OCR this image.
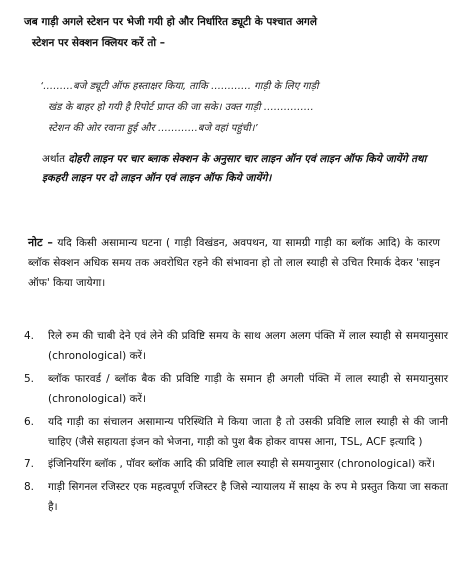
जब गाड़ी अगले स्टेशन पर भेजी गयी हो और निर्धारित ड्यूटी के पश्चात अगले
स्टेशन पर सेक्शन क्लियर करें तो –
‘………बजे ड्यूटी ऑफ हस्ताक्षर किया, ताकि ………… गाड़ी के लिए गाड़ी
खंड के बाहर हो गयी है रिपोर्ट प्राप्त की जा सके। उक्त गाड़ी ……………
स्टेशन की ओर रवाना हुई और …………बजे वहां पहुंची।’
अर्थात दोहरी लाइन पर चार ब्लाक सेक्शन के अनुसार चार लाइन ऑन एवं लाइन ऑफ किये जायेंगे तथा इकहरी लाइन पर दो लाइन ऑन एवं लाइन ऑफ किये जायेंगे।
नोट – यदि किसी असामान्य घटना ( गाड़ी विखंडन, अवपथन, या सामग्री गाड़ी का ब्लॉक आदि) के कारण ब्लॉक सेक्शन अधिक समय तक अवरोधित रहने की संभावना हो तो लाल स्याही से उचित रिमार्क देकर 'साइन ऑफ' किया जायेगा।
4.	रिले रुम की चाबी देने एवं लेने की प्रविष्टि समय के साथ अलग अलग पंक्ति में लाल स्याही से समयानुसार (chronological) करें।
5.	ब्लॉक फारवर्ड / ब्लॉक बैक की प्रविष्टि गाड़ी के समान ही अगली पंक्ति में लाल स्याही से समयानुसार (chronological) करें।
6.	यदि गाड़ी का संचालन असामान्य परिस्थिति मे किया जाता है तो उसकी प्रविष्टि लाल स्याही से की जानी चाहिए (जैसे सहायता इंजन को भेजना, गाड़ी को पुश बैक होकर वापस आना, TSL, ACF इत्यादि )
7.	इंजिनियरिंग ब्लॉक , पॉवर ब्लॉक आदि की प्रविष्टि लाल स्याही से समयानुसार (chronological) करें।
8.	गाड़ी सिगनल रजिस्टर एक महत्वपूर्ण रजिस्टर है जिसे न्यायालय में साक्ष्य के रुप मे प्रस्तुत किया जा सकता है।
